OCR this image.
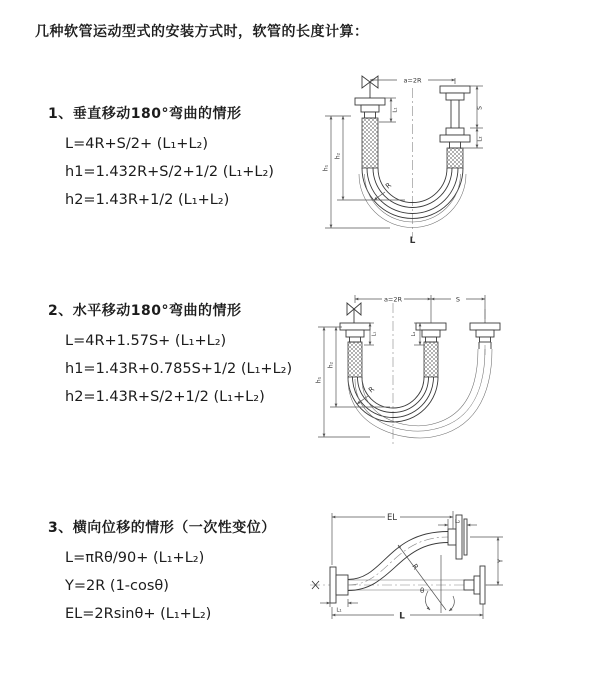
几种软管运动型式的安装方式时，软管的长度计算：
1、垂直移动180°弯曲的情形
L=4R+S/2+ (L₁+L₂)
h1=1.432R+S/2+1/2 (L₁+L₂)
h2=1.43R+1/2 (L₁+L₂)
a=2R
L₁
h₁
h₂
S
L₂
R
L
2、水平移动180°弯曲的情形
L=4R+1.57S+ (L₁+L₂)
h1=1.43R+0.785S+1/2 (L₁+L₂)
h2=1.43R+S/2+1/2 (L₁+L₂)
a=2R	S
h₁
h₂
L₁	L₂
R
3、横向位移的情形（一次性变位）
L=πRθ/90+ (L₁+L₂)
Y=2R (1-cosθ)
EL=2Rsinθ+ (L₁+L₂)
EL	L₂
Y
R
θ
L₁
L
